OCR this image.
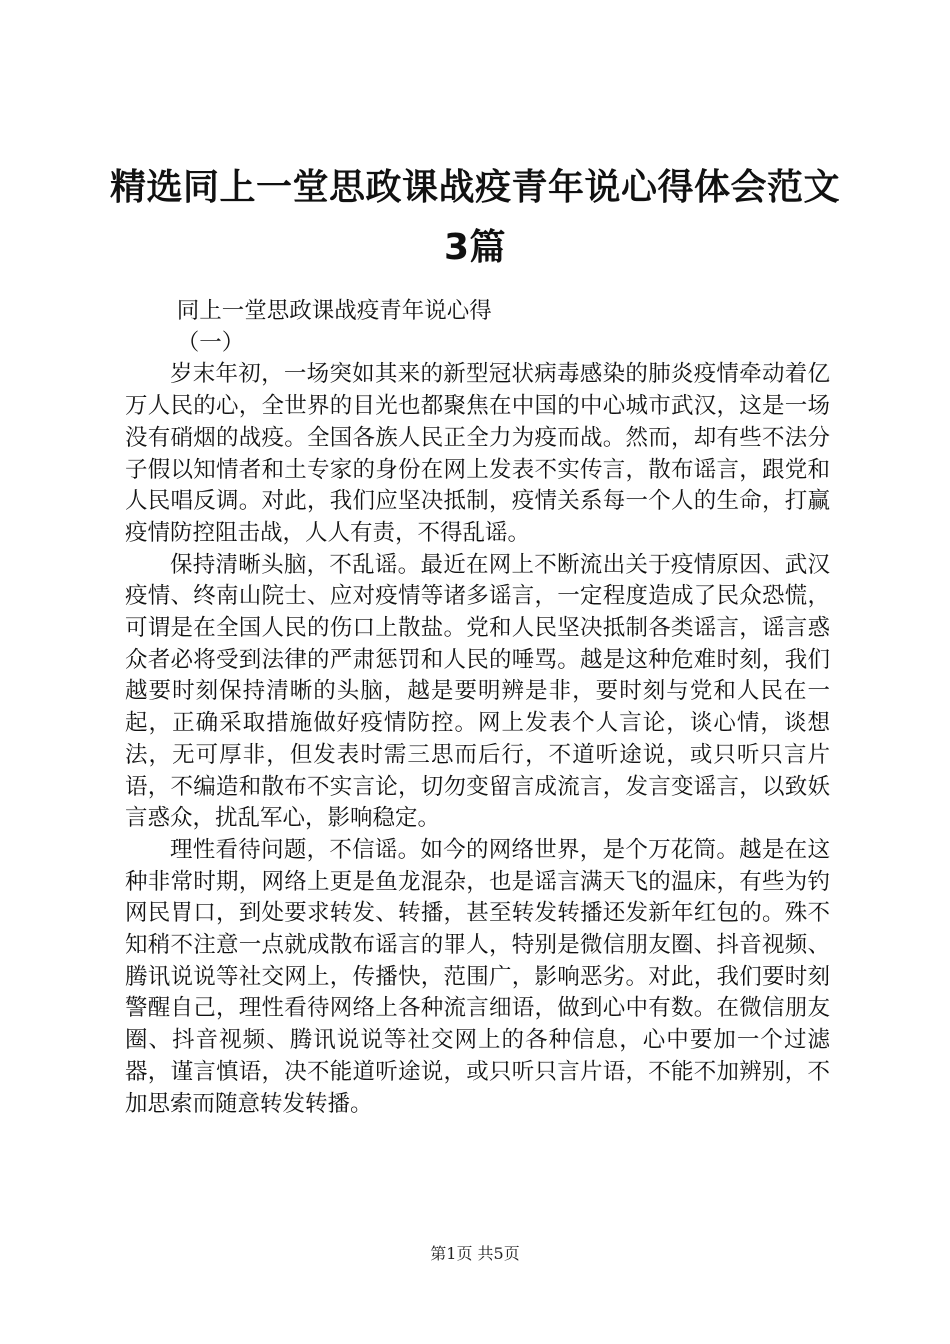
精选同上一堂思政课战疫青年说心得体会范文
3篇

同上一堂思政课战疫青年说心得

（一）

岁末年初，一场突如其来的新型冠状病毒感染的肺炎疫情牵动着亿万人民的心，全世界的目光也都聚焦在中国的中心城市武汉，这是一场没有硝烟的战疫。全国各族人民正全力为疫而战。然而，却有些不法分子假以知情者和土专家的身份在网上发表不实传言，散布谣言，跟党和人民唱反调。对此，我们应坚决抵制，疫情关系每一个人的生命，打赢疫情防控阻击战，人人有责，不得乱谣。

保持清晰头脑，不乱谣。最近在网上不断流出关于疫情原因、武汉疫情、终南山院士、应对疫情等诸多谣言，一定程度造成了民众恐慌，可谓是在全国人民的伤口上散盐。党和人民坚决抵制各类谣言，谣言惑众者必将受到法律的严肃惩罚和人民的唾骂。越是这种危难时刻，我们越要时刻保持清晰的头脑，越是要明辨是非，要时刻与党和人民在一起，正确采取措施做好疫情防控。网上发表个人言论，谈心情，谈想法，无可厚非，但发表时需三思而后行，不道听途说，或只听只言片语，不编造和散布不实言论，切勿变留言成流言，发言变谣言，以致妖言惑众，扰乱军心，影响稳定。

理性看待问题，不信谣。如今的网络世界，是个万花筒。越是在这种非常时期，网络上更是鱼龙混杂，也是谣言满天飞的温床，有些为钓网民胃口，到处要求转发、转播，甚至转发转播还发新年红包的。殊不知稍不注意一点就成散布谣言的罪人，特别是微信朋友圈、抖音视频、腾讯说说等社交网上，传播快，范围广，影响恶劣。对此，我们要时刻警醒自己，理性看待网络上各种流言细语，做到心中有数。在微信朋友圈、抖音视频、腾讯说说等社交网上的各种信息，心中要加一个过滤器，谨言慎语，决不能道听途说，或只听只言片语，不能不加辨别，不加思索而随意转发转播。

第1页 共5页
